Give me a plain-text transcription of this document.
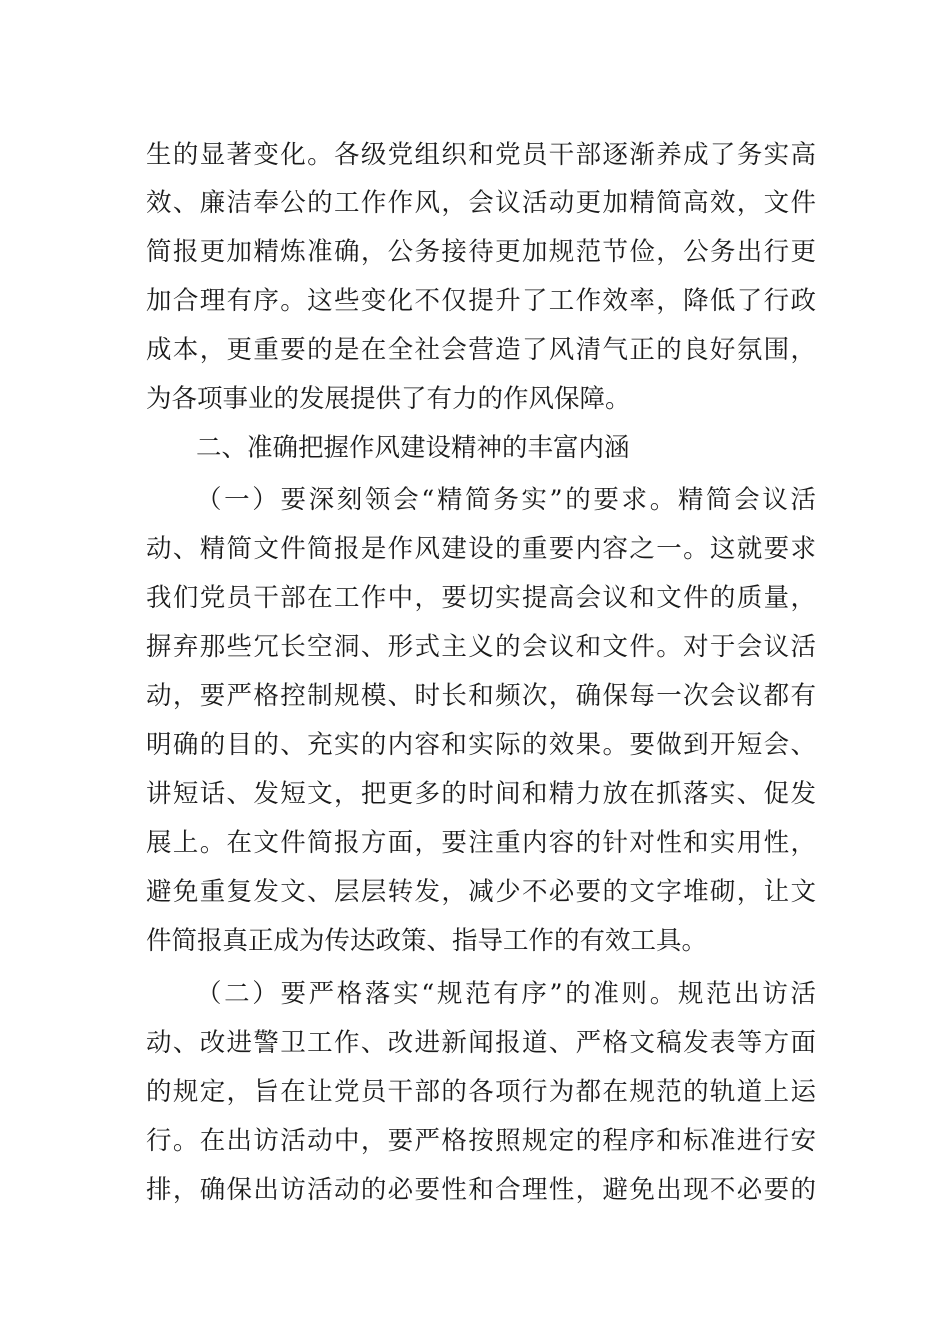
生的显著变化。各级党组织和党员干部逐渐养成了务实高
效、廉洁奉公的工作作风，会议活动更加精简高效，文件
简报更加精炼准确，公务接待更加规范节俭，公务出行更
加合理有序。这些变化不仅提升了工作效率，降低了行政
成本，更重要的是在全社会营造了风清气正的良好氛围，
为各项事业的发展提供了有力的作风保障。
二、准确把握作风建设精神的丰富内涵
（一）要深刻领会“精简务实”的要求。精简会议活
动、精简文件简报是作风建设的重要内容之一。这就要求
我们党员干部在工作中，要切实提高会议和文件的质量，
摒弃那些冗长空洞、形式主义的会议和文件。对于会议活
动，要严格控制规模、时长和频次，确保每一次会议都有
明确的目的、充实的内容和实际的效果。要做到开短会、
讲短话、发短文，把更多的时间和精力放在抓落实、促发
展上。在文件简报方面，要注重内容的针对性和实用性，
避免重复发文、层层转发，减少不必要的文字堆砌，让文
件简报真正成为传达政策、指导工作的有效工具。
（二）要严格落实“规范有序”的准则。规范出访活
动、改进警卫工作、改进新闻报道、严格文稿发表等方面
的规定，旨在让党员干部的各项行为都在规范的轨道上运
行。在出访活动中，要严格按照规定的程序和标准进行安
排，确保出访活动的必要性和合理性，避免出现不必要的
